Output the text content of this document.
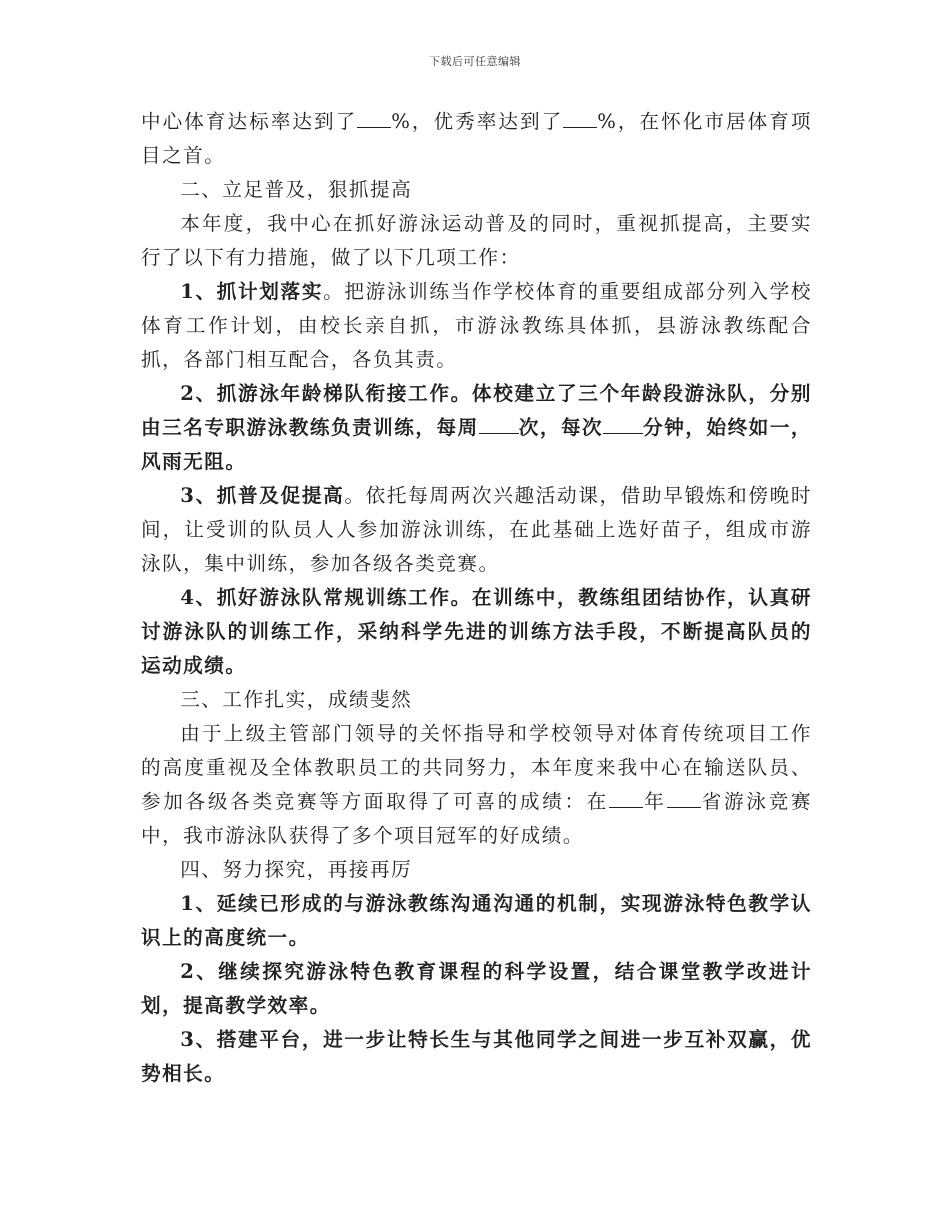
下载后可任意编辑

中心体育达标率达到了 %，优秀率达到了 %，在怀化市居体育项目之首。

二、立足普及，狠抓提高

本年度，我中心在抓好游泳运动普及的同时，重视抓提高，主要实行了以下有力措施，做了以下几项工作：

1、抓计划落实。把游泳训练当作学校体育的重要组成部分列入学校体育工作计划，由校长亲自抓，市游泳教练具体抓，县游泳教练配合抓，各部门相互配合，各负其责。

2、抓游泳年龄梯队衔接工作。体校建立了三个年龄段游泳队，分别由三名专职游泳教练负责训练，每周 次，每次 分钟，始终如一，风雨无阻。

3、抓普及促提高。依托每周两次兴趣活动课，借助早锻炼和傍晚时间，让受训的队员人人参加游泳训练，在此基础上选好苗子，组成市游泳队，集中训练，参加各级各类竞赛。

4、抓好游泳队常规训练工作。在训练中，教练组团结协作，认真研讨游泳队的训练工作，采纳科学先进的训练方法手段，不断提高队员的运动成绩。

三、工作扎实，成绩斐然

由于上级主管部门领导的关怀指导和学校领导对体育传统项目工作的高度重视及全体教职员工的共同努力，本年度来我中心在输送队员、参加各级各类竞赛等方面取得了可喜的成绩：在 年 省游泳竞赛中，我市游泳队获得了多个项目冠军的好成绩。

四、努力探究，再接再厉

1、延续已形成的与游泳教练沟通沟通的机制，实现游泳特色教学认识上的高度统一。

2、继续探究游泳特色教育课程的科学设置，结合课堂教学改进计划，提高教学效率。

3、搭建平台，进一步让特长生与其他同学之间进一步互补双赢，优势相长。
